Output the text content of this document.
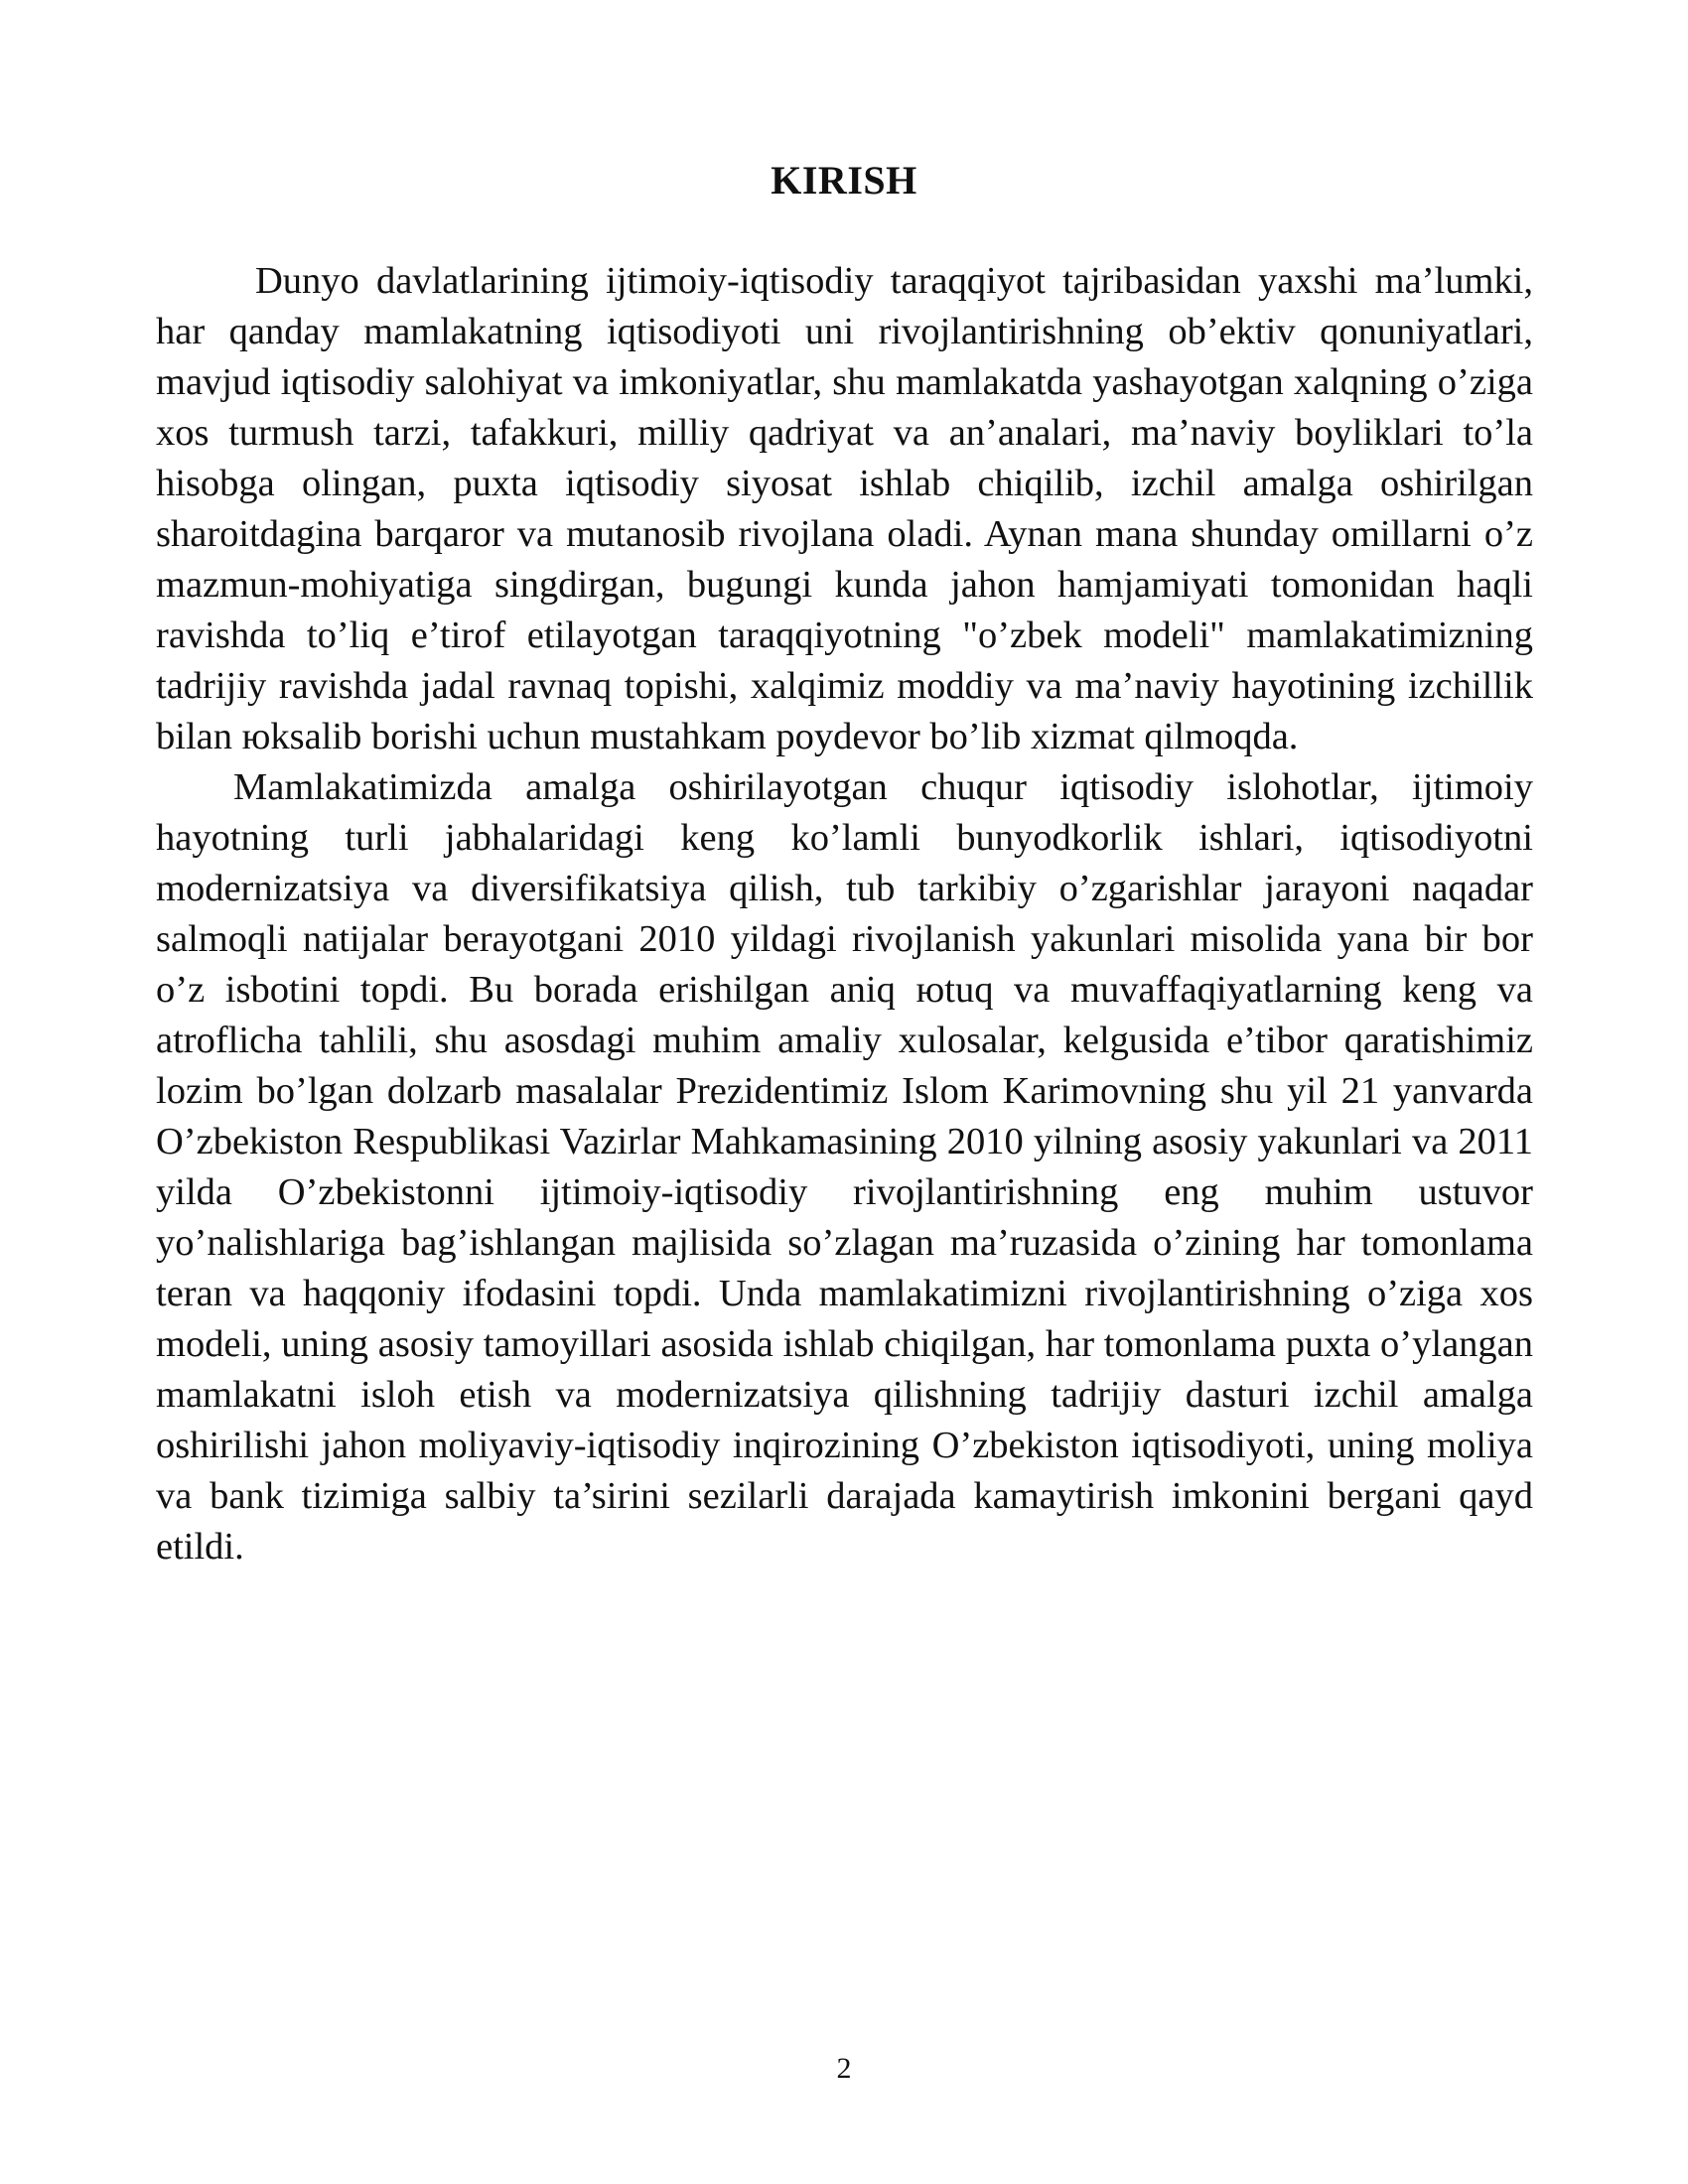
KIRISH

Dunyo davlatlarining ijtimoiy-iqtisodiy taraqqiyot tajribasidan yaxshi ma’lumki, har qanday mamlakatning iqtisodiyoti uni rivojlantirishning ob’ektiv qonuniyatlari, mavjud iqtisodiy salohiyat va imkoniyatlar, shu mamlakatda yashayotgan xalqning o’ziga xos turmush tarzi, tafakkuri, milliy qadriyat va an’analari, ma’naviy boyliklari to’la hisobga olingan, puxta iqtisodiy siyosat ishlab chiqilib, izchil amalga oshirilgan sharoitdagina barqaror va mutanosib rivojlana oladi. Aynan mana shunday omillarni o’z mazmun-mohiyatiga singdirgan, bugungi kunda jahon hamjamiyati tomonidan haqli ravishda to’liq e’tirof etilayotgan taraqqiyotning "o’zbek modeli" mamlakatimizning tadrijiy ravishda jadal ravnaq topishi, xalqimiz moddiy va ma’naviy hayotining izchillik bilan юksalib borishi uchun mustahkam poydevor bo’lib xizmat qilmoqda.

Mamlakatimizda amalga oshirilayotgan chuqur iqtisodiy islohotlar, ijtimoiy hayotning turli jabhalaridagi keng ko’lamli bunyodkorlik ishlari, iqtisodiyotni modernizatsiya va diversifikatsiya qilish, tub tarkibiy o’zgarishlar jarayoni naqadar salmoqli natijalar berayotgani 2010 yildagi rivojlanish yakunlari misolida yana bir bor o’z isbotini topdi. Bu borada erishilgan aniq юtuq va muvaffaqiyatlarning keng va atroflicha tahlili, shu asosdagi muhim amaliy xulosalar, kelgusida e’tibor qaratishimiz lozim bo’lgan dolzarb masalalar Prezidentimiz Islom Karimovning shu yil 21 yanvarda O’zbekiston Respublikasi Vazirlar Mahkamasining 2010 yilning asosiy yakunlari va 2011 yilda O’zbekistonni ijtimoiy-iqtisodiy rivojlantirishning eng muhim ustuvor yo’nalishlariga bag’ishlangan majlisida so’zlagan ma’ruzasida o’zining har tomonlama teran va haqqoniy ifodasini topdi. Unda mamlakatimizni rivojlantirishning o’ziga xos modeli, uning asosiy tamoyillari asosida ishlab chiqilgan, har tomonlama puxta o’ylangan mamlakatni isloh etish va modernizatsiya qilishning tadrijiy dasturi izchil amalga oshirilishi jahon moliyaviy-iqtisodiy inqirozining O’zbekiston iqtisodiyoti, uning moliya va bank tizimiga salbiy ta’sirini sezilarli darajada kamaytirish imkonini bergani qayd etildi.

2
